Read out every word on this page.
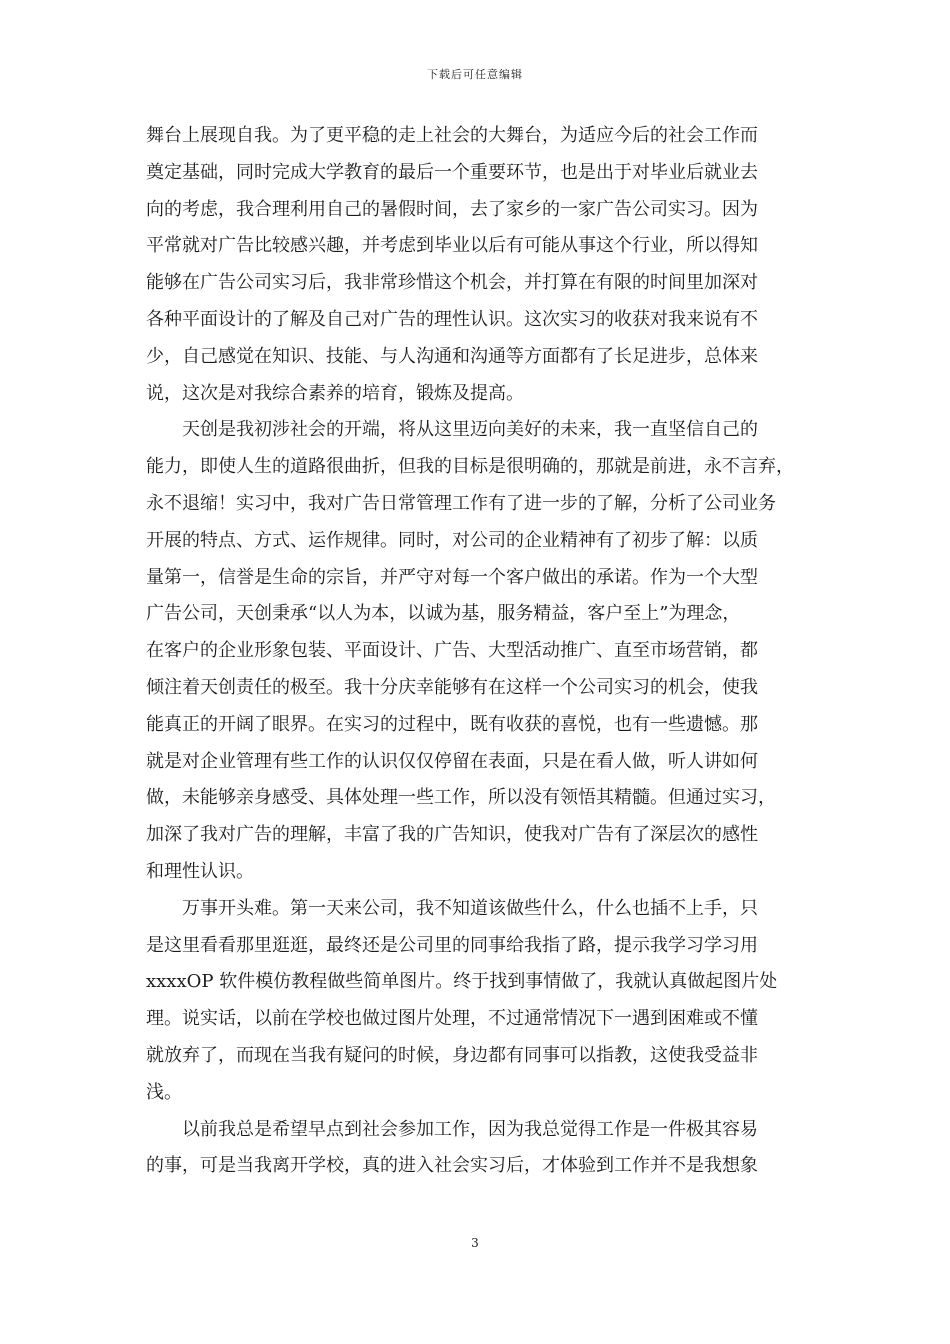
下载后可任意编辑
舞台上展现自我。为了更平稳的走上社会的大舞台，为适应今后的社会工作而
奠定基础，同时完成大学教育的最后一个重要环节，也是出于对毕业后就业去
向的考虑，我合理利用自己的暑假时间，去了家乡的一家广告公司实习。因为
平常就对广告比较感兴趣，并考虑到毕业以后有可能从事这个行业，所以得知
能够在广告公司实习后，我非常珍惜这个机会，并打算在有限的时间里加深对
各种平面设计的了解及自己对广告的理性认识。这次实习的收获对我来说有不
少，自己感觉在知识、技能、与人沟通和沟通等方面都有了长足进步，总体来
说，这次是对我综合素养的培育，锻炼及提高。
天创是我初涉社会的开端，将从这里迈向美好的未来，我一直坚信自己的
能力，即使人生的道路很曲折，但我的目标是很明确的，那就是前进，永不言弃，
永不退缩！实习中，我对广告日常管理工作有了进一步的了解，分析了公司业务
开展的特点、方式、运作规律。同时，对公司的企业精神有了初步了解：以质
量第一，信誉是生命的宗旨，并严守对每一个客户做出的承诺。作为一个大型
广告公司，天创秉承“以人为本，以诚为基，服务精益，客户至上”为理念，
在客户的企业形象包装、平面设计、广告、大型活动推广、直至市场营销，都
倾注着天创责任的极至。我十分庆幸能够有在这样一个公司实习的机会，使我
能真正的开阔了眼界。在实习的过程中，既有收获的喜悦，也有一些遗憾。那
就是对企业管理有些工作的认识仅仅停留在表面，只是在看人做，听人讲如何
做，未能够亲身感受、具体处理一些工作，所以没有领悟其精髓。但通过实习，
加深了我对广告的理解，丰富了我的广告知识，使我对广告有了深层次的感性
和理性认识。
万事开头难。第一天来公司，我不知道该做些什么，什么也插不上手，只
是这里看看那里逛逛，最终还是公司里的同事给我指了路，提示我学习学习用
xxxxOP 软件模仿教程做些简单图片。终于找到事情做了，我就认真做起图片处
理。说实话，以前在学校也做过图片处理，不过通常情况下一遇到困难或不懂
就放弃了，而现在当我有疑问的时候，身边都有同事可以指教，这使我受益非
浅。
以前我总是希望早点到社会参加工作，因为我总觉得工作是一件极其容易
的事，可是当我离开学校，真的进入社会实习后，才体验到工作并不是我想象
3
